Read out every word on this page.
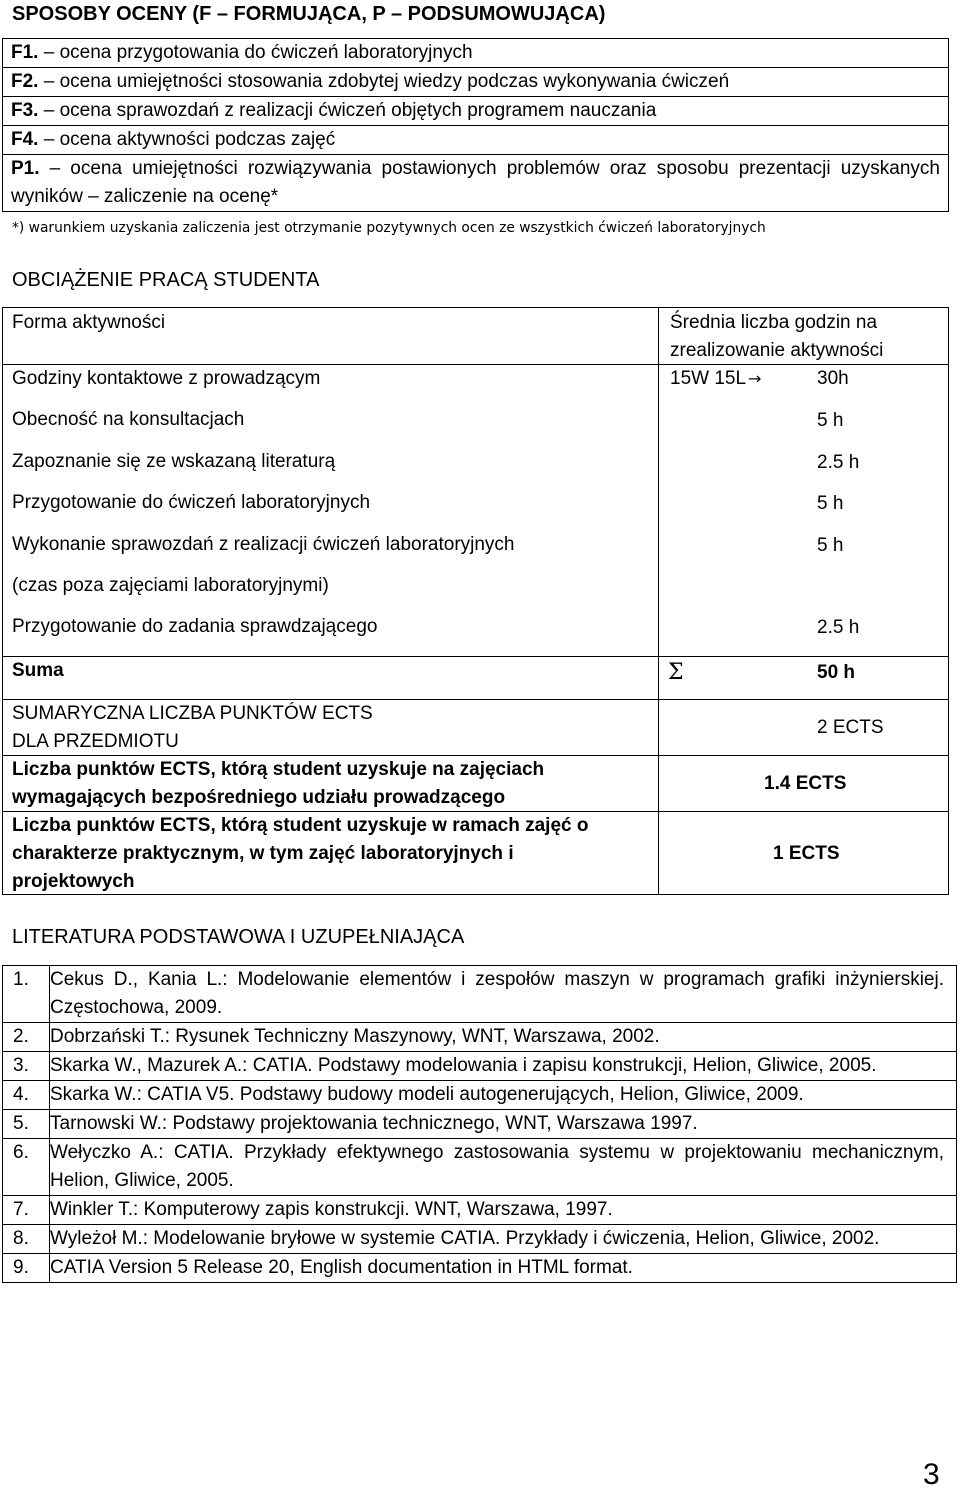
SPOSOBY OCENY (F – FORMUJĄCA, P – PODSUMOWUJĄCA)
F1. – ocena przygotowania do ćwiczeń laboratoryjnych
F2. – ocena umiejętności stosowania zdobytej wiedzy podczas wykonywania ćwiczeń
F3. – ocena sprawozdań z realizacji ćwiczeń objętych programem nauczania
F4. – ocena aktywności podczas zajęć
P1. – ocena umiejętności rozwiązywania postawionych problemów oraz sposobu prezentacji uzyskanych wyników – zaliczenie na ocenę*
*) warunkiem uzyskania zaliczenia jest otrzymanie pozytywnych ocen ze wszystkich ćwiczeń laboratoryjnych
OBCIĄŻENIE PRACĄ STUDENTA
Forma aktywności	Średnia liczba godzin na zrealizowanie aktywności
Godziny kontaktowe z prowadzącym	15W 15L →	30h
Obecność na konsultacjach	5 h
Zapoznanie się ze wskazaną literaturą	2.5 h
Przygotowanie do ćwiczeń laboratoryjnych	5 h
Wykonanie sprawozdań z realizacji ćwiczeń laboratoryjnych	5 h
(czas poza zajęciami laboratoryjnymi)
Przygotowanie do zadania sprawdzającego	2.5 h
Suma	Σ	50 h
SUMARYCZNA LICZBA PUNKTÓW ECTS DLA PRZEDMIOTU
2 ECTS
Liczba punktów ECTS, którą student uzyskuje na zajęciach wymagających bezpośredniego udziału prowadzącego
1.4 ECTS
Liczba punktów ECTS, którą student uzyskuje w ramach zajęć o charakterze praktycznym, w tym zajęć laboratoryjnych i projektowych
1 ECTS
LITERATURA PODSTAWOWA I UZUPEŁNIAJĄCA
1.	Cekus D., Kania L.: Modelowanie elementów i zespołów maszyn w programach grafiki inżynierskiej. Częstochowa, 2009.
2.	Dobrzański T.: Rysunek Techniczny Maszynowy, WNT, Warszawa, 2002.
3.	Skarka W., Mazurek A.: CATIA. Podstawy modelowania i zapisu konstrukcji, Helion, Gliwice, 2005.
4.	Skarka W.: CATIA V5. Podstawy budowy modeli autogenerujących, Helion, Gliwice, 2009.
5.	Tarnowski W.: Podstawy projektowania technicznego, WNT, Warszawa 1997.
6.	Wełyczko A.: CATIA. Przykłady efektywnego zastosowania systemu w projektowaniu mechanicznym, Helion, Gliwice, 2005.
7.	Winkler T.: Komputerowy zapis konstrukcji. WNT, Warszawa, 1997.
8.	Wyleżoł M.: Modelowanie bryłowe w systemie CATIA. Przykłady i ćwiczenia, Helion, Gliwice, 2002.
9.	CATIA Version 5 Release 20, English documentation in HTML format.
3
